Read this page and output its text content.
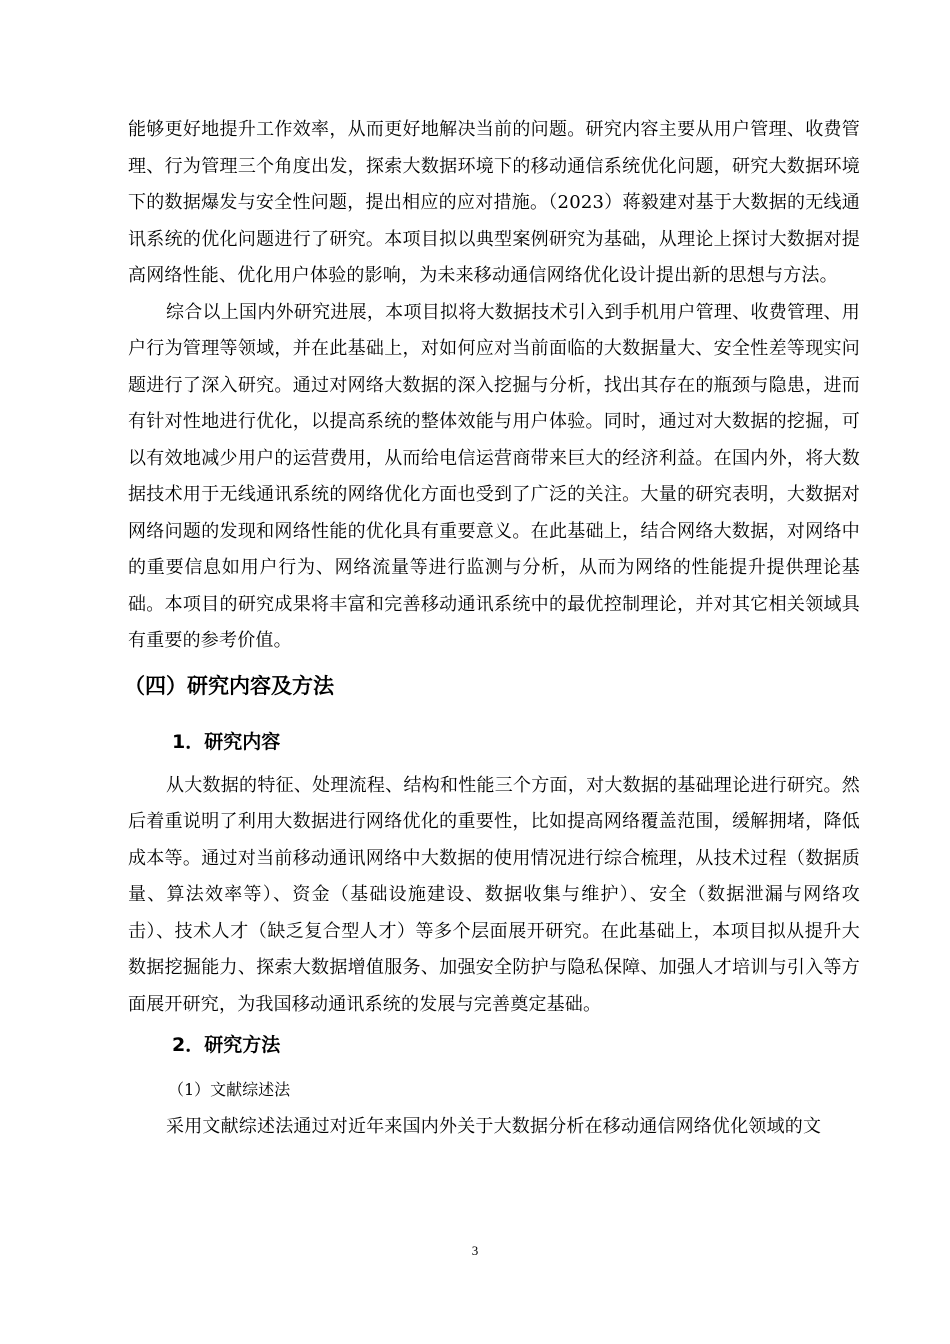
能够更好地提升工作效率，从而更好地解决当前的问题。研究内容主要从用户管理、收费管理、行为管理三个角度出发，探索大数据环境下的移动通信系统优化问题，研究大数据环境下的数据爆发与安全性问题，提出相应的应对措施。（2023）蒋毅建对基于大数据的无线通讯系统的优化问题进行了研究。本项目拟以典型案例研究为基础，从理论上探讨大数据对提高网络性能、优化用户体验的影响，为未来移动通信网络优化设计提出新的思想与方法。

综合以上国内外研究进展，本项目拟将大数据技术引入到手机用户管理、收费管理、用户行为管理等领域，并在此基础上，对如何应对当前面临的大数据量大、安全性差等现实问题进行了深入研究。通过对网络大数据的深入挖掘与分析，找出其存在的瓶颈与隐患，进而有针对性地进行优化，以提高系统的整体效能与用户体验。同时，通过对大数据的挖掘，可以有效地减少用户的运营费用，从而给电信运营商带来巨大的经济利益。在国内外，将大数据技术用于无线通讯系统的网络优化方面也受到了广泛的关注。大量的研究表明，大数据对网络问题的发现和网络性能的优化具有重要意义。在此基础上，结合网络大数据，对网络中的重要信息如用户行为、网络流量等进行监测与分析，从而为网络的性能提升提供理论基础。本项目的研究成果将丰富和完善移动通讯系统中的最优控制理论，并对其它相关领域具有重要的参考价值。

（四）研究内容及方法
1．研究内容

从大数据的特征、处理流程、结构和性能三个方面，对大数据的基础理论进行研究。然后着重说明了利用大数据进行网络优化的重要性，比如提高网络覆盖范围，缓解拥堵，降低成本等。通过对当前移动通讯网络中大数据的使用情况进行综合梳理，从技术过程（数据质量、算法效率等）、资金（基础设施建设、数据收集与维护）、安全（数据泄漏与网络攻击）、技术人才（缺乏复合型人才）等多个层面展开研究。在此基础上，本项目拟从提升大数据挖掘能力、探索大数据增值服务、加强安全防护与隐私保障、加强人才培训与引入等方面展开研究，为我国移动通讯系统的发展与完善奠定基础。

2．研究方法

（1）文献综述法

采用文献综述法通过对近年来国内外关于大数据分析在移动通信网络优化领域的文

3
